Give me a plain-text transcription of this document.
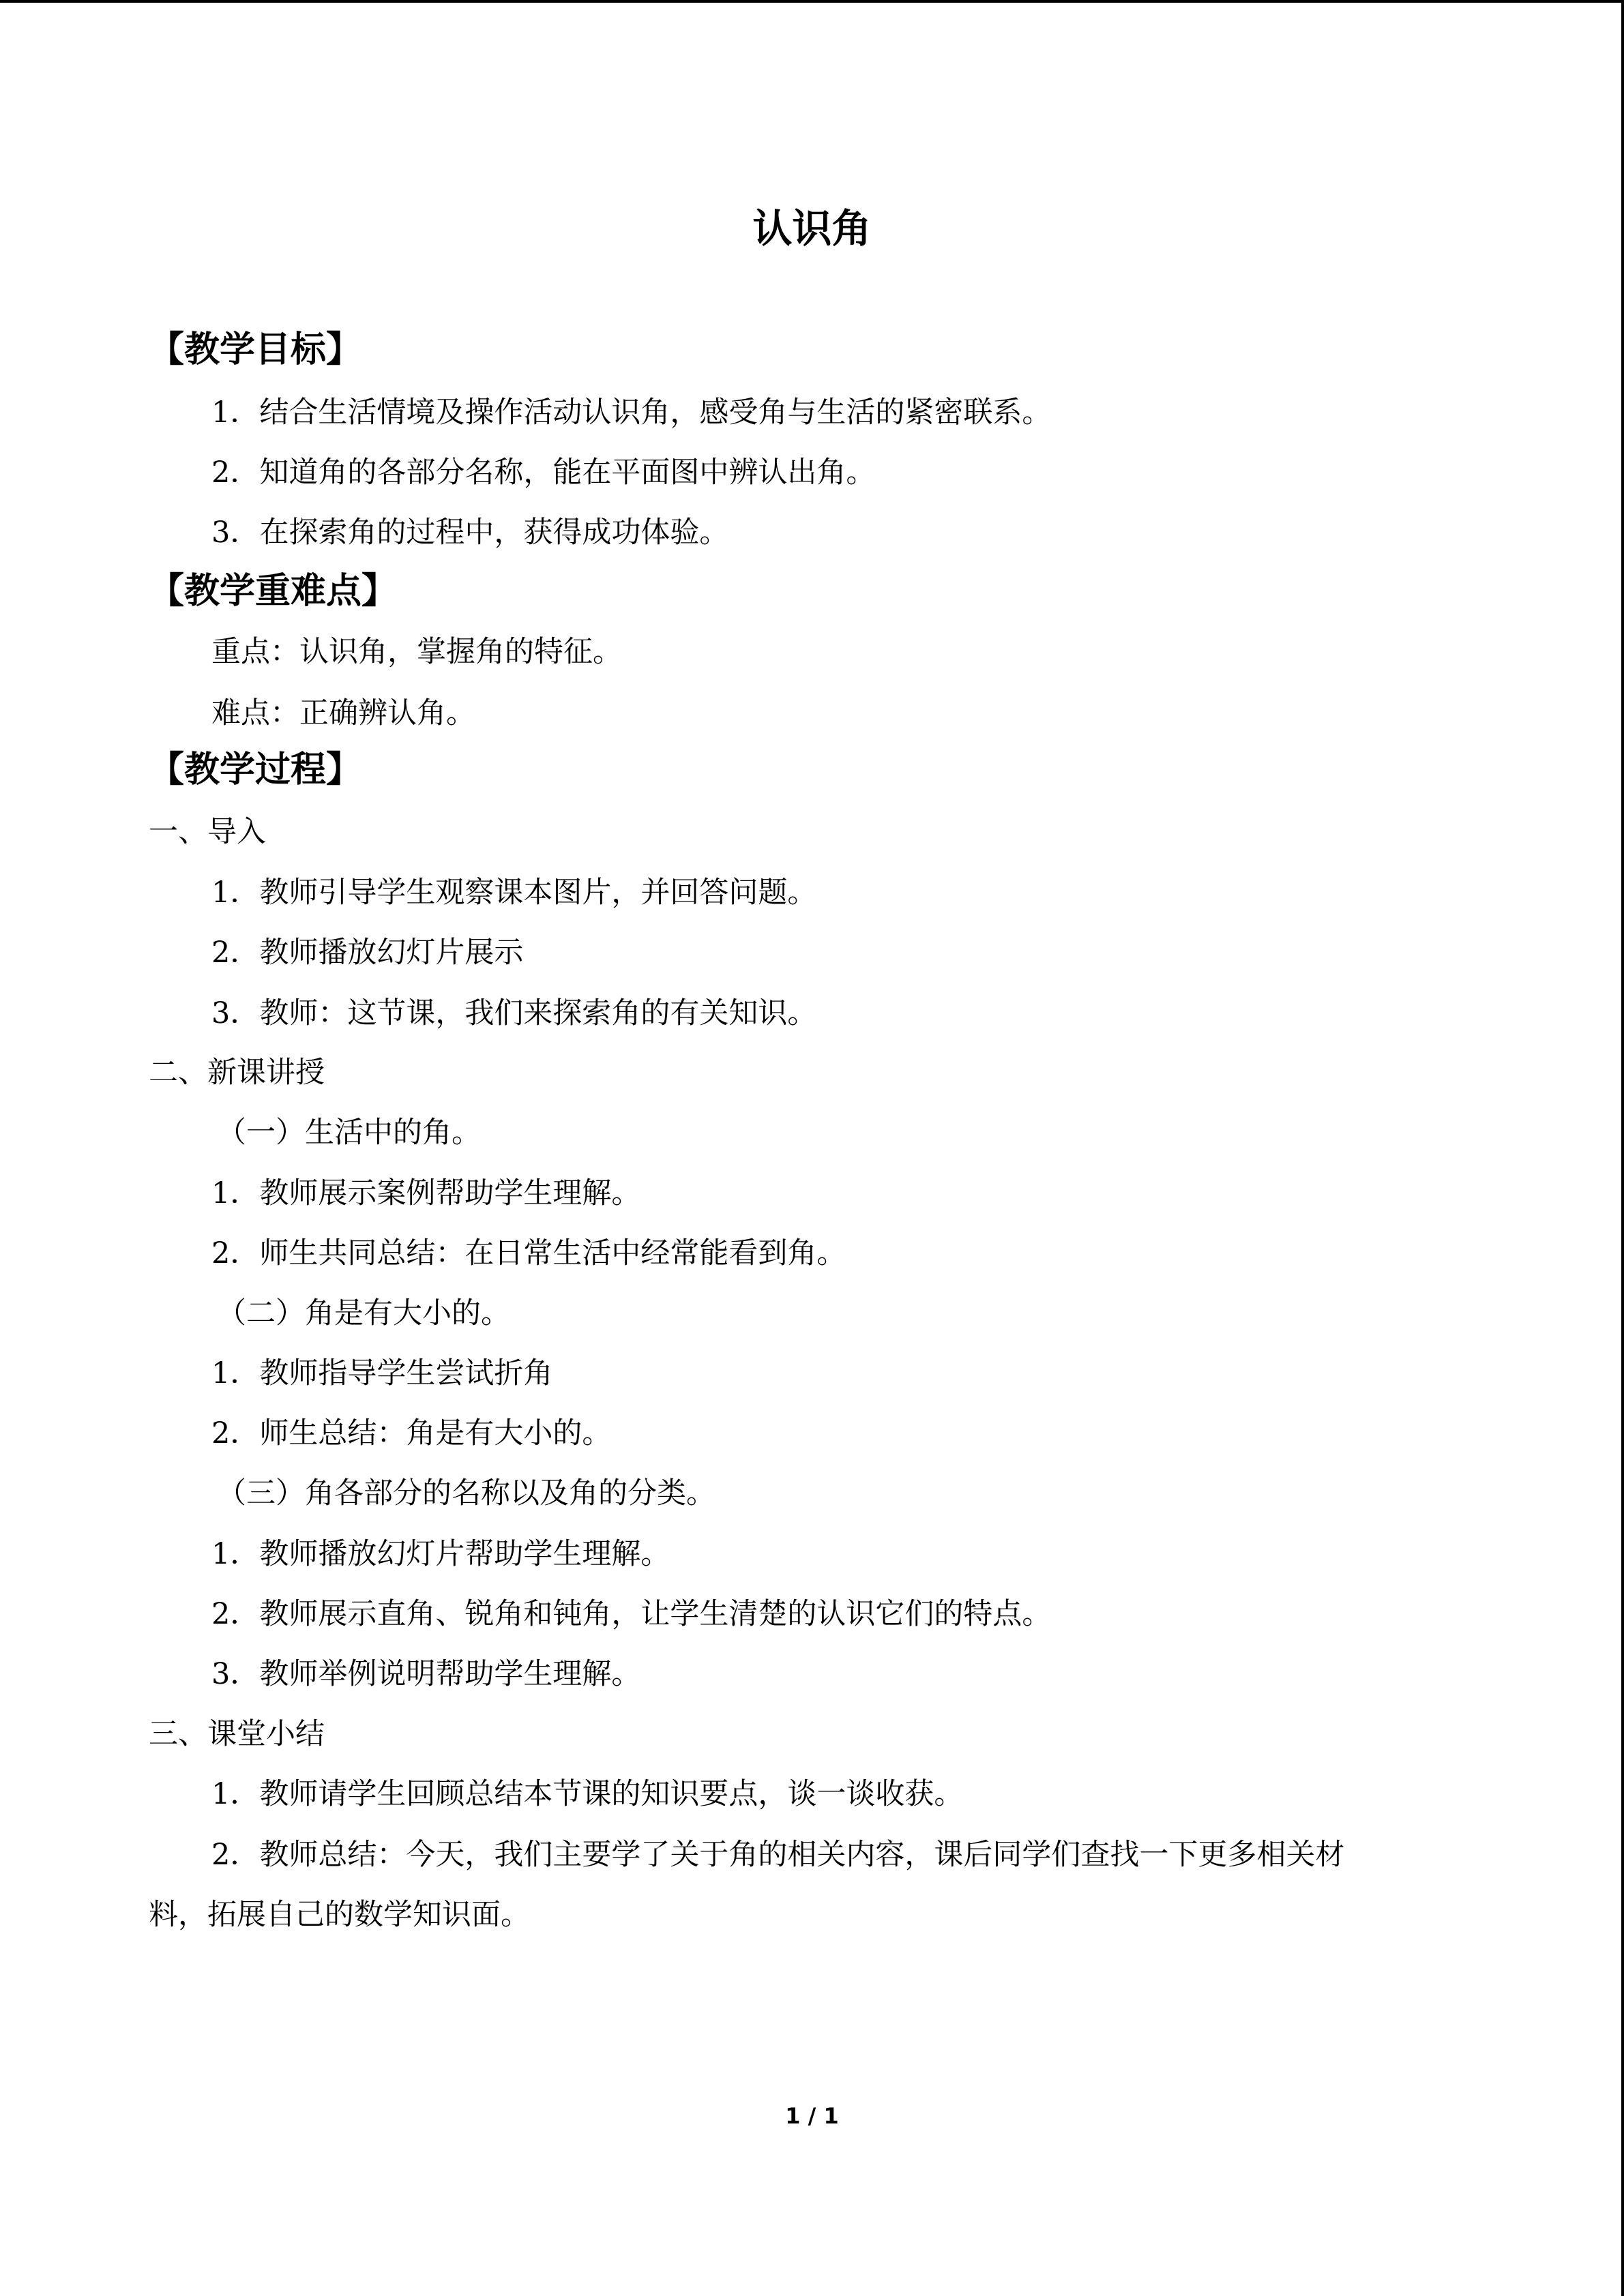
认识角
【教学目标】
1．结合生活情境及操作活动认识角，感受角与生活的紧密联系。
2．知道角的各部分名称，能在平面图中辨认出角。
3．在探索角的过程中，获得成功体验。
【教学重难点】
重点：认识角，掌握角的特征。
难点：正确辨认角。
【教学过程】
一、导入
1．教师引导学生观察课本图片，并回答问题。
2．教师播放幻灯片展示
3．教师：这节课，我们来探索角的有关知识。
二、新课讲授
（一）生活中的角。
1．教师展示案例帮助学生理解。
2．师生共同总结：在日常生活中经常能看到角。
（二）角是有大小的。
1．教师指导学生尝试折角
2．师生总结：角是有大小的。
（三）角各部分的名称以及角的分类。
1．教师播放幻灯片帮助学生理解。
2．教师展示直角、锐角和钝角，让学生清楚的认识它们的特点。
3．教师举例说明帮助学生理解。
三、课堂小结
1．教师请学生回顾总结本节课的知识要点，谈一谈收获。
2．教师总结：今天，我们主要学了关于角的相关内容，课后同学们查找一下更多相关材
料，拓展自己的数学知识面。
1 / 1
